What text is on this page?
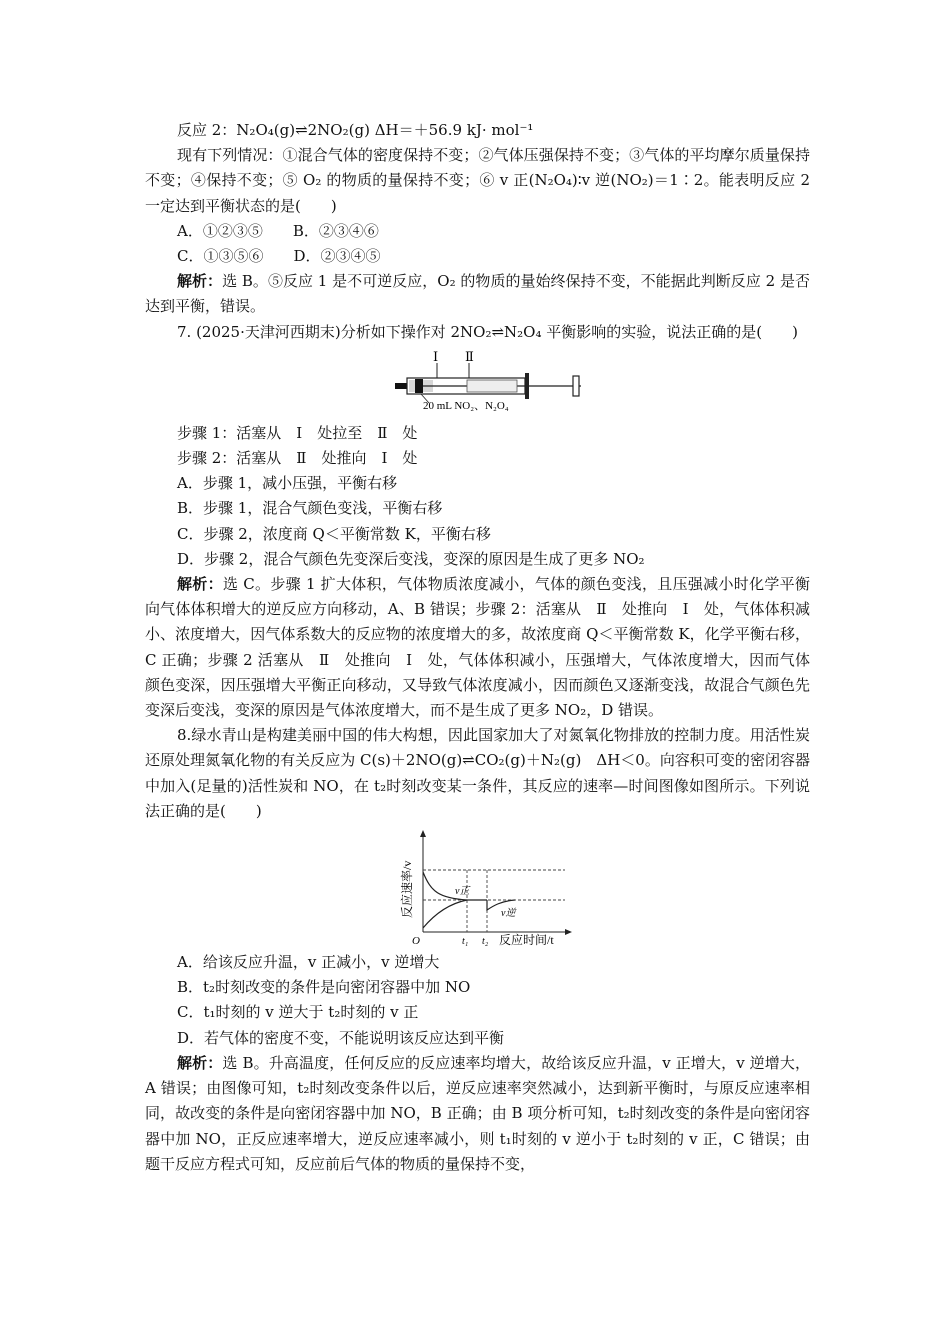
反应 2：N₂O₄(g)⇌2NO₂(g) ΔH＝＋56.9 kJ· mol⁻¹

现有下列情况：①混合气体的密度保持不变；②气体压强保持不变；③气体的平均摩尔质量保持不变；④保持不变；⑤ O₂ 的物质的量保持不变；⑥ v 正(N₂O₄)∶v 逆(NO₂)＝1∶2。能表明反应 2 一定达到平衡状态的是(　　)

A．①②③⑤　　B．②③④⑥

C．①③⑤⑥　　D．②③④⑤

解析：选 B。⑤反应 1 是不可逆反应，O₂ 的物质的量始终保持不变，不能据此判断反应 2 是否达到平衡，错误。

7. (2025·天津河西期末)分析如下操作对 2NO₂⇌N₂O₄ 平衡影响的实验，说法正确的是(　　)

Ⅰ Ⅱ
20 mL NO₂、N₂O₄

步骤 1：活塞从　Ⅰ　处拉至　Ⅱ　处

步骤 2：活塞从　Ⅱ　处推向　Ⅰ　处

A．步骤 1，减小压强，平衡右移

B．步骤 1，混合气颜色变浅，平衡右移

C．步骤 2，浓度商 Q＜平衡常数 K，平衡右移

D．步骤 2，混合气颜色先变深后变浅，变深的原因是生成了更多 NO₂

解析：选 C。步骤 1 扩大体积，气体物质浓度减小，气体的颜色变浅，且压强减小时化学平衡向气体体积增大的逆反应方向移动，A、B 错误；步骤 2：活塞从　Ⅱ　处推向　Ⅰ　处，气体体积减小、浓度增大，因气体系数大的反应物的浓度增大的多，故浓度商 Q＜平衡常数 K，化学平衡右移，C 正确；步骤 2 活塞从　Ⅱ　处推向　Ⅰ　处，气体体积减小，压强增大，气体浓度增大，因而气体颜色变深，因压强增大平衡正向移动，又导致气体浓度减小，因而颜色又逐渐变浅，故混合气颜色先变深后变浅，变深的原因是气体浓度增大，而不是生成了更多 NO₂，D 错误。

8.绿水青山是构建美丽中国的伟大构想，因此国家加大了对氮氧化物排放的控制力度。用活性炭还原处理氮氧化物的有关反应为 C(s)＋2NO(g)⇌CO₂(g)＋N₂(g)　ΔH＜0。向容积可变的密闭容器中加入(足量的)活性炭和 NO，在 t₂时刻改变某一条件，其反应的速率—时间图像如图所示。下列说法正确的是(　　)

反应速率/v
O
v正
v逆
t₁ t₂ 反应时间/t

A．给该反应升温，v 正减小，v 逆增大

B．t₂时刻改变的条件是向密闭容器中加 NO

C．t₁时刻的 v 逆大于 t₂时刻的 v 正

D．若气体的密度不变，不能说明该反应达到平衡

解析：选 B。升高温度，任何反应的反应速率均增大，故给该反应升温，v 正增大，v 逆增大，A 错误；由图像可知，t₂时刻改变条件以后，逆反应速率突然减小，达到新平衡时，与原反应速率相同，故改变的条件是向密闭容器中加 NO，B 正确；由 B 项分析可知，t₂时刻改变的条件是向密闭容器中加 NO，正反应速率增大，逆反应速率减小，则 t₁时刻的 v 逆小于 t₂时刻的 v 正，C 错误；由题干反应方程式可知，反应前后气体的物质的量保持不变，
